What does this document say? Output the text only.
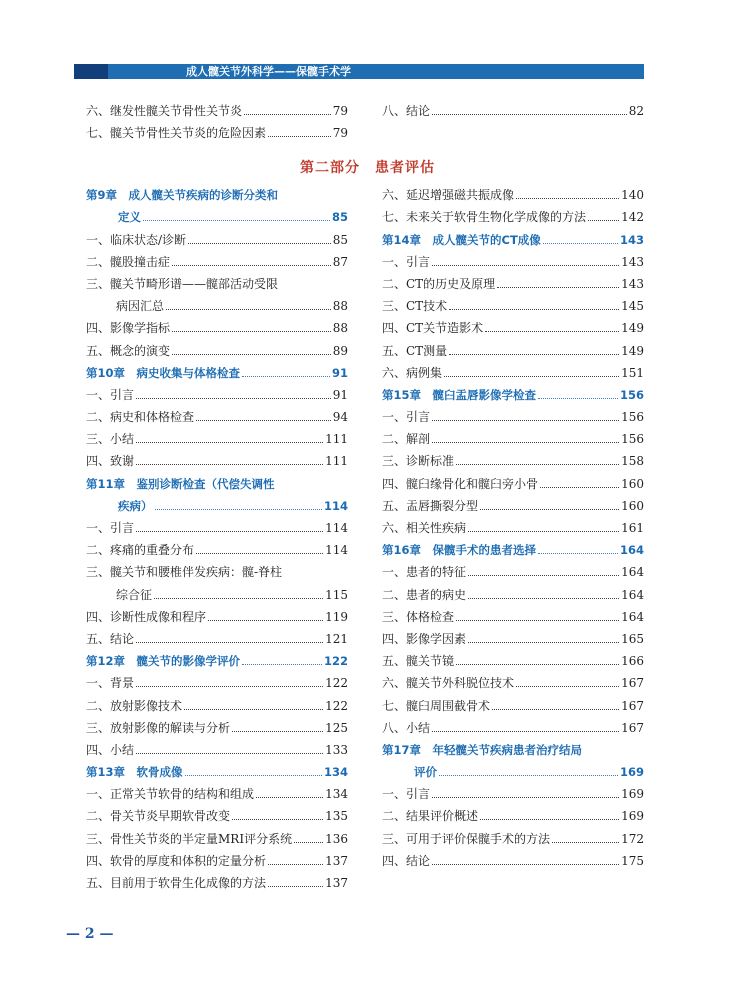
成人髋关节外科学——保髋手术学
六、继发性髋关节骨性关节炎	79
七、髋关节骨性关节炎的危险因素	79
八、结论	82
第二部分　患者评估
第9章　成人髋关节疾病的诊断分类和
定义	85
一、临床状态/诊断	85
二、髋股撞击症	87
三、髋关节畸形谱——髋部活动受限
病因汇总	88
四、影像学指标	88
五、概念的演变	89
第10章　病史收集与体格检查	91
一、引言	91
二、病史和体格检查	94
三、小结	111
四、致谢	111
第11章　鉴别诊断检查（代偿失调性
疾病）	114
一、引言	114
二、疼痛的重叠分布	114
三、髋关节和腰椎伴发疾病：髋-脊柱
综合征	115
四、诊断性成像和程序	119
五、结论	121
第12章　髋关节的影像学评价	122
一、背景	122
二、放射影像技术	122
三、放射影像的解读与分析	125
四、小结	133
第13章　软骨成像	134
一、正常关节软骨的结构和组成	134
二、骨关节炎早期软骨改变	135
三、骨性关节炎的半定量MRI评分系统	136
四、软骨的厚度和体积的定量分析	137
五、目前用于软骨生化成像的方法	137
六、延迟增强磁共振成像	140
七、未来关于软骨生物化学成像的方法	142
第14章　成人髋关节的CT成像	143
一、引言	143
二、CT的历史及原理	143
三、CT技术	145
四、CT关节造影术	149
五、CT测量	149
六、病例集	151
第15章　髋臼盂唇影像学检查	156
一、引言	156
二、解剖	156
三、诊断标准	158
四、髋臼缘骨化和髋臼旁小骨	160
五、盂唇撕裂分型	160
六、相关性疾病	161
第16章　保髋手术的患者选择	164
一、患者的特征	164
二、患者的病史	164
三、体格检查	164
四、影像学因素	165
五、髋关节镜	166
六、髋关节外科脱位技术	167
七、髋臼周围截骨术	167
八、小结	167
第17章　年轻髋关节疾病患者治疗结局
评价	169
一、引言	169
二、结果评价概述	169
三、可用于评价保髋手术的方法	172
四、结论	175
— 2 —
